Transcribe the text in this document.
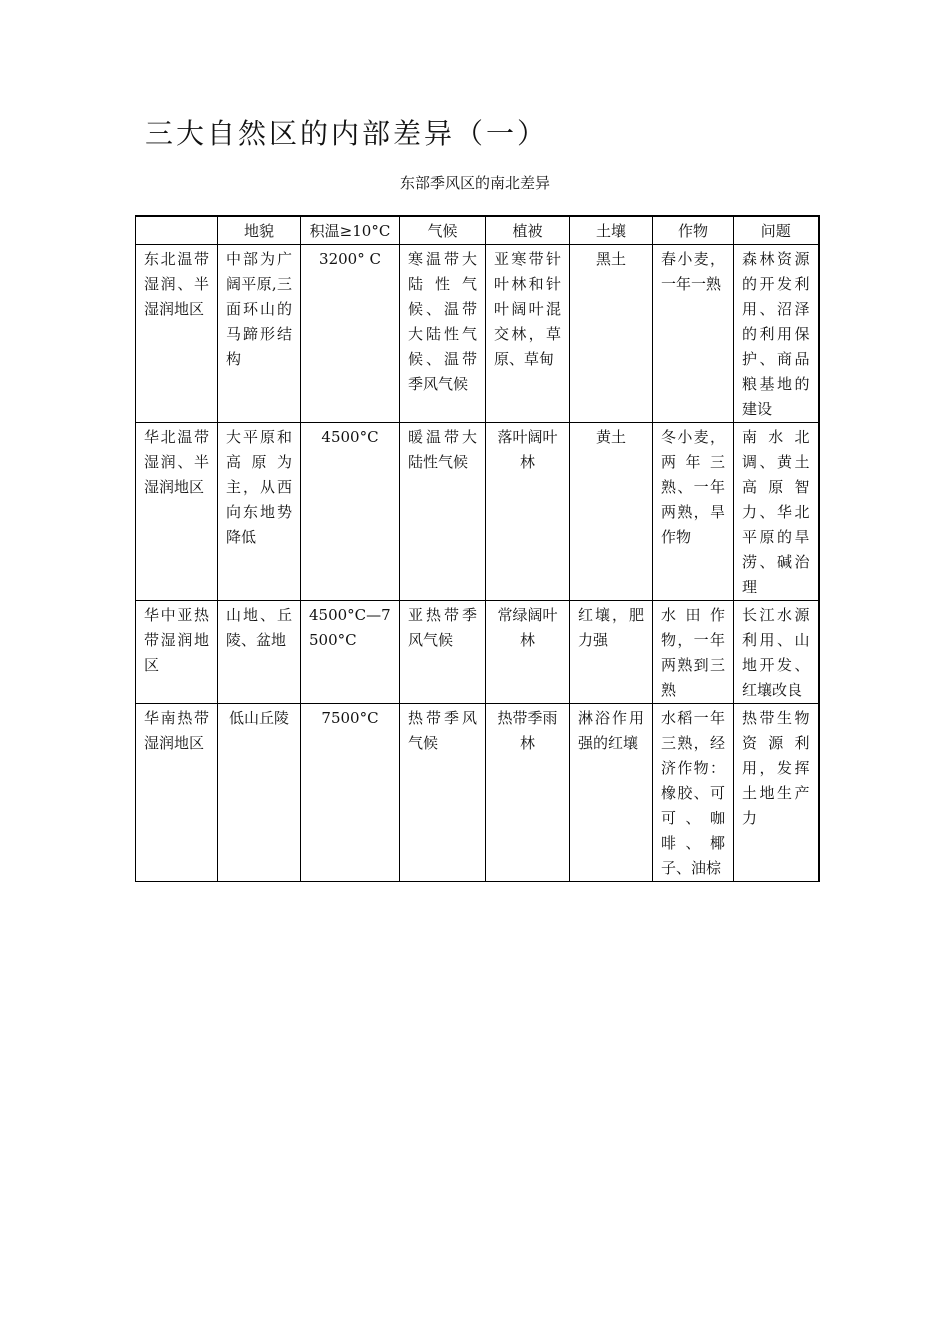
三大自然区的内部差异（一）
东部季风区的南北差异
	地貌	积温≥10°C	气候	植被	土壤	作物	问题
东北温带湿润、半湿润地区	中部为广阔平原,三面环山的马蹄形结构	3200° C	寒温带大陆性气候、温带大陆性气候、温带季风气候	亚寒带针叶林和针叶阔叶混交林，草原、草甸	黑土	春小麦，一年一熟	森林资源的开发利用、沼泽的利用保护、商品粮基地的建设
华北温带湿润、半湿润地区	大平原和高原为主，从西向东地势降低	4500°C	暖温带大陆性气候	落叶阔叶林	黄土	冬小麦，两年三熟、一年两熟，旱作物	南水北调、黄土高原智力、华北平原的旱涝、碱治理
华中亚热带湿润地区	山地、丘陵、盆地	4500°C—7500°C	亚热带季风气候	常绿阔叶林	红壤，肥力强	水田作物，一年两熟到三熟	长江水源利用、山地开发、红壤改良
华南热带湿润地区	低山丘陵	7500°C	热带季风气候	热带季雨林	淋浴作用强的红壤	水稻一年三熟，经济作物：橡胶、可可、咖啡、椰子、油棕	热带生物资源利用，发挥土地生产力
